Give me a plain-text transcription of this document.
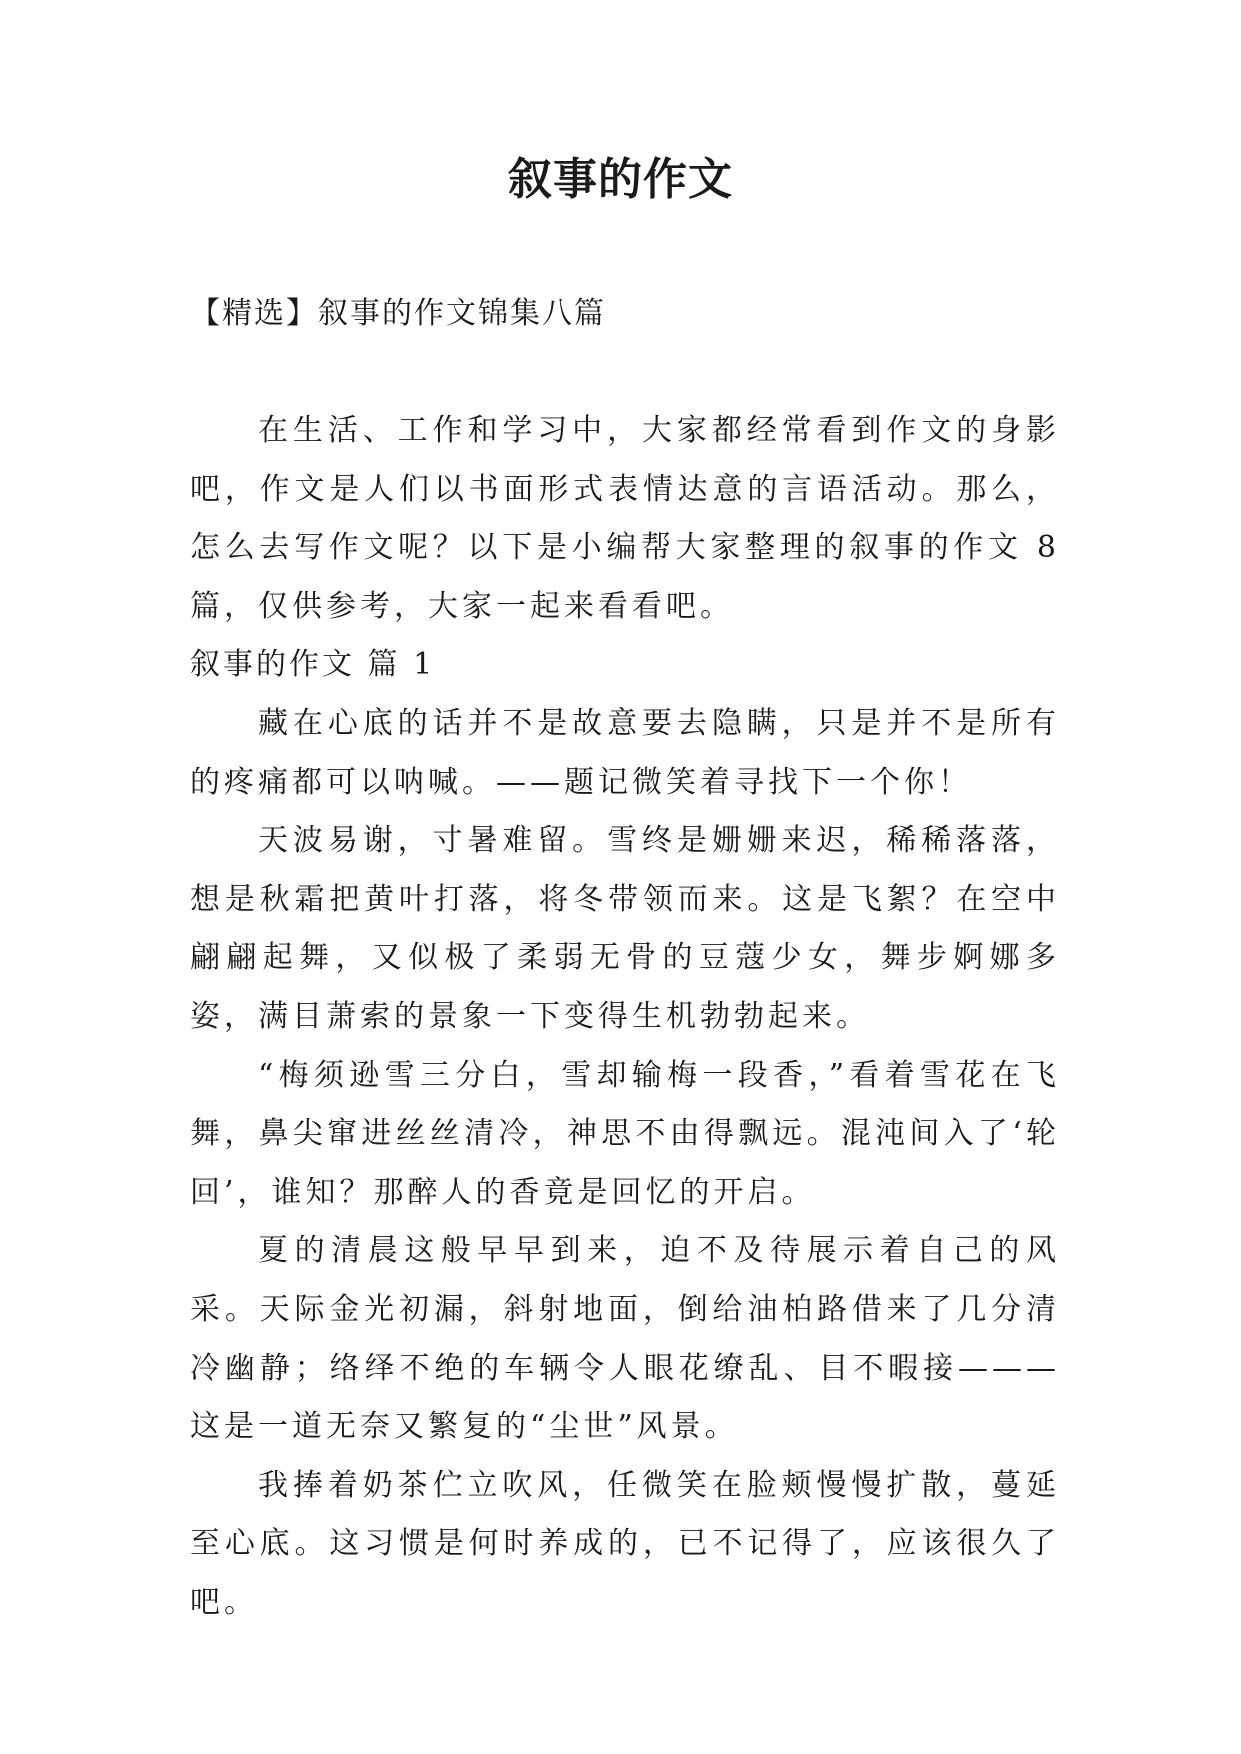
叙事的作文
【精选】叙事的作文锦集八篇

在生活、工作和学习中，大家都经常看到作文的身影吧，作文是人们以书面形式表情达意的言语活动。那么，怎么去写作文呢？以下是小编帮大家整理的叙事的作文 8 篇，仅供参考，大家一起来看看吧。

叙事的作文 篇 1

藏在心底的话并不是故意要去隐瞒，只是并不是所有的疼痛都可以呐喊。——题记微笑着寻找下一个你！

天波易谢，寸暑难留。雪终是姗姗来迟，稀稀落落，想是秋霜把黄叶打落，将冬带领而来。这是飞絮？在空中翩翩起舞，又似极了柔弱无骨的豆蔻少女，舞步婀娜多姿，满目萧索的景象一下变得生机勃勃起来。

“梅须逊雪三分白，雪却输梅一段香，”看着雪花在飞舞，鼻尖窜进丝丝清冷，神思不由得飘远。混沌间入了‘轮回’，谁知？那醉人的香竟是回忆的开启。

夏的清晨这般早早到来，迫不及待展示着自己的风采。天际金光初漏，斜射地面，倒给油柏路借来了几分清冷幽静；络绎不绝的车辆令人眼花缭乱、目不暇接———这是一道无奈又繁复的“尘世”风景。

我捧着奶茶伫立吹风，任微笑在脸颊慢慢扩散，蔓延至心底。这习惯是何时养成的，已不记得了，应该很久了吧。
